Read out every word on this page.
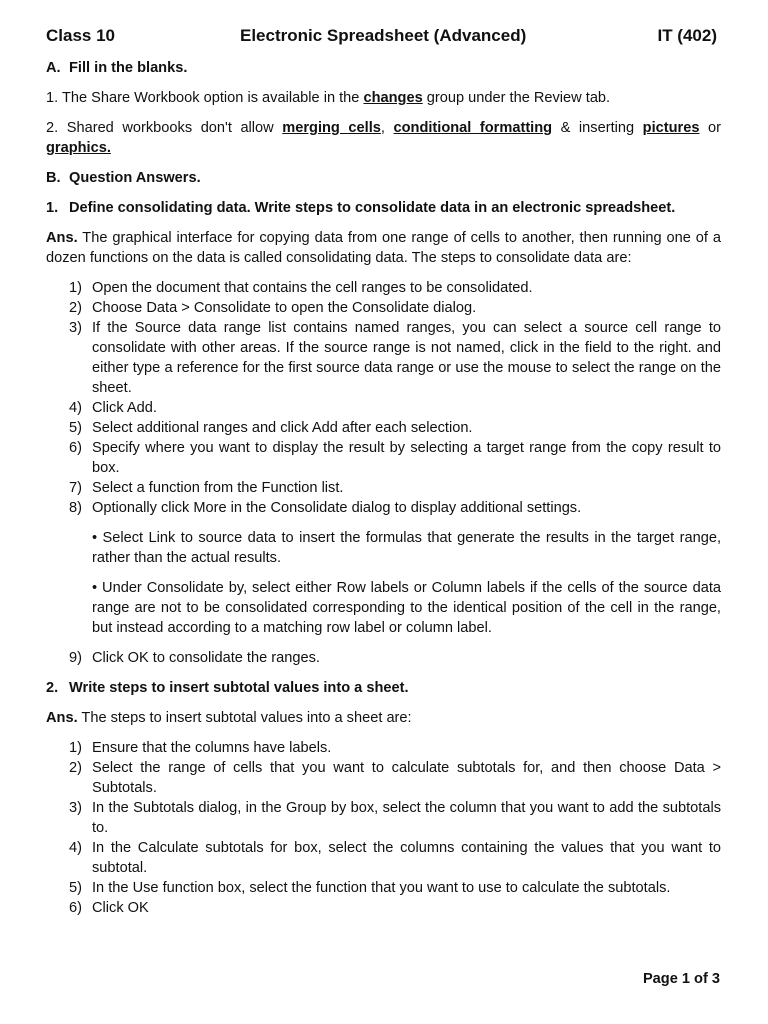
Class 10	Electronic Spreadsheet (Advanced)	IT (402)
A. Fill in the blanks.

1. The Share Workbook option is available in the changes group under the Review tab.

2. Shared workbooks don't allow merging cells, conditional formatting & inserting pictures or graphics.

B. Question Answers.
1. Define consolidating data. Write steps to consolidate data in an electronic spreadsheet.

Ans. The graphical interface for copying data from one range of cells to another, then running one of a dozen functions on the data is called consolidating data. The steps to consolidate data are:

1) Open the document that contains the cell ranges to be consolidated.
2) Choose Data > Consolidate to open the Consolidate dialog.
3) If the Source data range list contains named ranges, you can select a source cell range to consolidate with other areas. If the source range is not named, click in the field to the right. and either type a reference for the first source data range or use the mouse to select the range on the sheet.
4) Click Add.
5) Select additional ranges and click Add after each selection.
6) Specify where you want to display the result by selecting a target range from the copy result to box.
7) Select a function from the Function list.
8) Optionally click More in the Consolidate dialog to display additional settings.
• Select Link to source data to insert the formulas that generate the results in the target range, rather than the actual results.
• Under Consolidate by, select either Row labels or Column labels if the cells of the source data range are not to be consolidated corresponding to the identical position of the cell in the range, but instead according to a matching row label or column label.
9) Click OK to consolidate the ranges.
2. Write steps to insert subtotal values into a sheet.

Ans. The steps to insert subtotal values into a sheet are:

1) Ensure that the columns have labels.
2) Select the range of cells that you want to calculate subtotals for, and then choose Data > Subtotals.
3) In the Subtotals dialog, in the Group by box, select the column that you want to add the subtotals to.
4) In the Calculate subtotals for box, select the columns containing the values that you want to subtotal.
5) In the Use function box, select the function that you want to use to calculate the subtotals.
6) Click OK
Page 1 of 3
